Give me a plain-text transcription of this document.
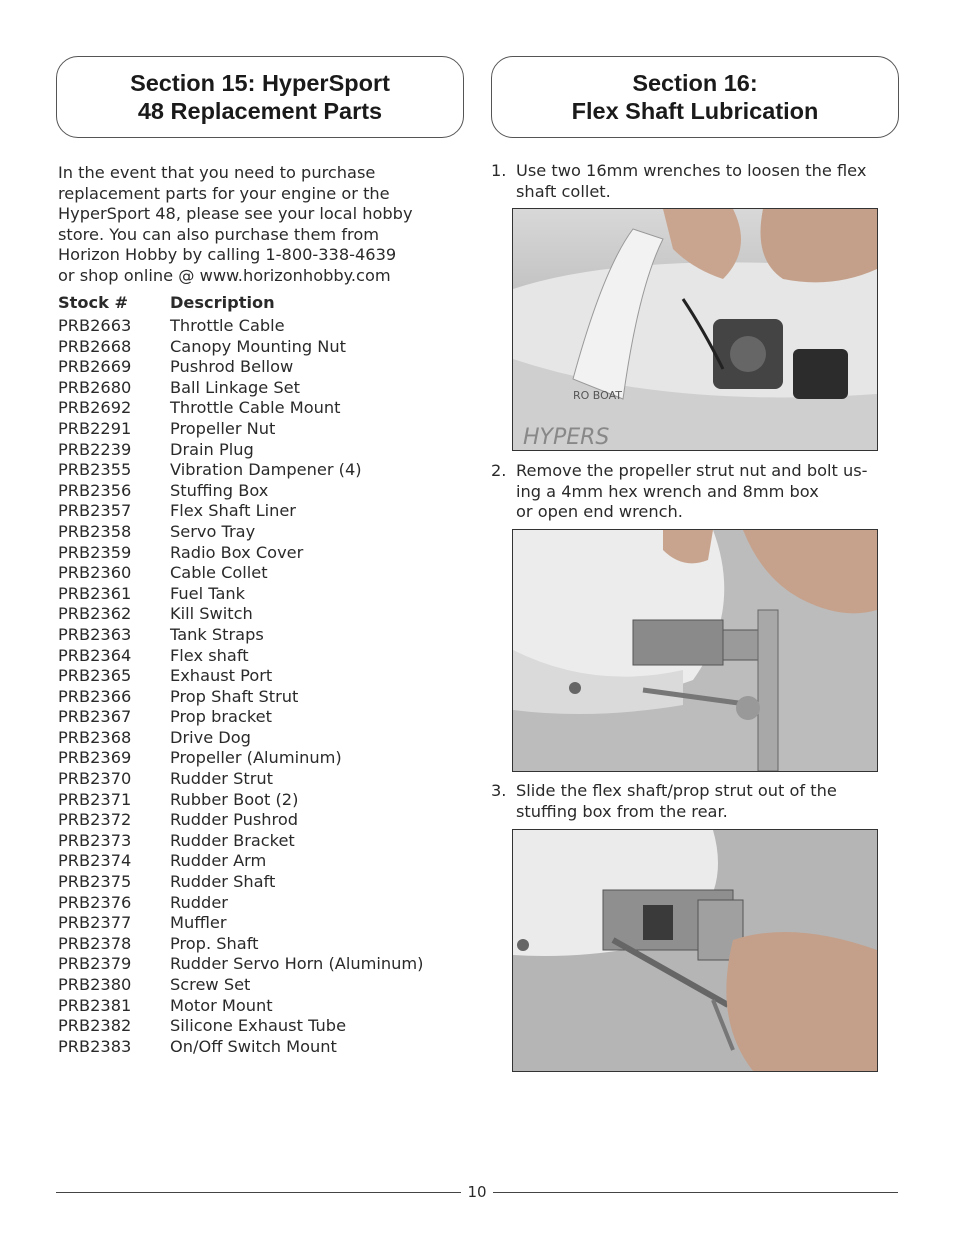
Section 15: HyperSport
48 Replacement Parts
Section 16:
Flex Shaft Lubrication
In the event that you need to purchase
replacement parts for your engine or the
HyperSport 48, please see your local hobby
store. You can also purchase them from
Horizon Hobby by calling 1-800-338-4639
or shop online @ www.horizonhobby.com
Stock #	Description
PRB2663 Throttle Cable
PRB2668 Canopy Mounting Nut
PRB2669 Pushrod Bellow
PRB2680 Ball Linkage Set
PRB2692 Throttle Cable Mount
PRB2291 Propeller Nut
PRB2239 Drain Plug
PRB2355 Vibration Dampener (4)
PRB2356 Stuffing Box
PRB2357 Flex Shaft Liner
PRB2358 Servo Tray
PRB2359 Radio Box Cover
PRB2360 Cable Collet
PRB2361 Fuel Tank
PRB2362 Kill Switch
PRB2363 Tank Straps
PRB2364 Flex shaft
PRB2365 Exhaust Port
PRB2366 Prop Shaft Strut
PRB2367 Prop bracket
PRB2368 Drive Dog
PRB2369 Propeller (Aluminum)
PRB2370 Rudder Strut
PRB2371 Rubber Boot (2)
PRB2372 Rudder Pushrod
PRB2373 Rudder Bracket
PRB2374 Rudder Arm
PRB2375 Rudder Shaft
PRB2376 Rudder
PRB2377 Muffler
PRB2378 Prop. Shaft
PRB2379 Rudder Servo Horn (Aluminum)
PRB2380 Screw Set
PRB2381 Motor Mount
PRB2382 Silicone Exhaust Tube
PRB2383 On/Off Switch Mount
1. Use two 16mm wrenches to loosen the flex
shaft collet.
RO BOAT
HYPERS
2. Remove the propeller strut nut and bolt us-
ing a 4mm hex wrench and 8mm box
or open end wrench.
3. Slide the flex shaft/prop strut out of the
stuffing box from the rear.
10
